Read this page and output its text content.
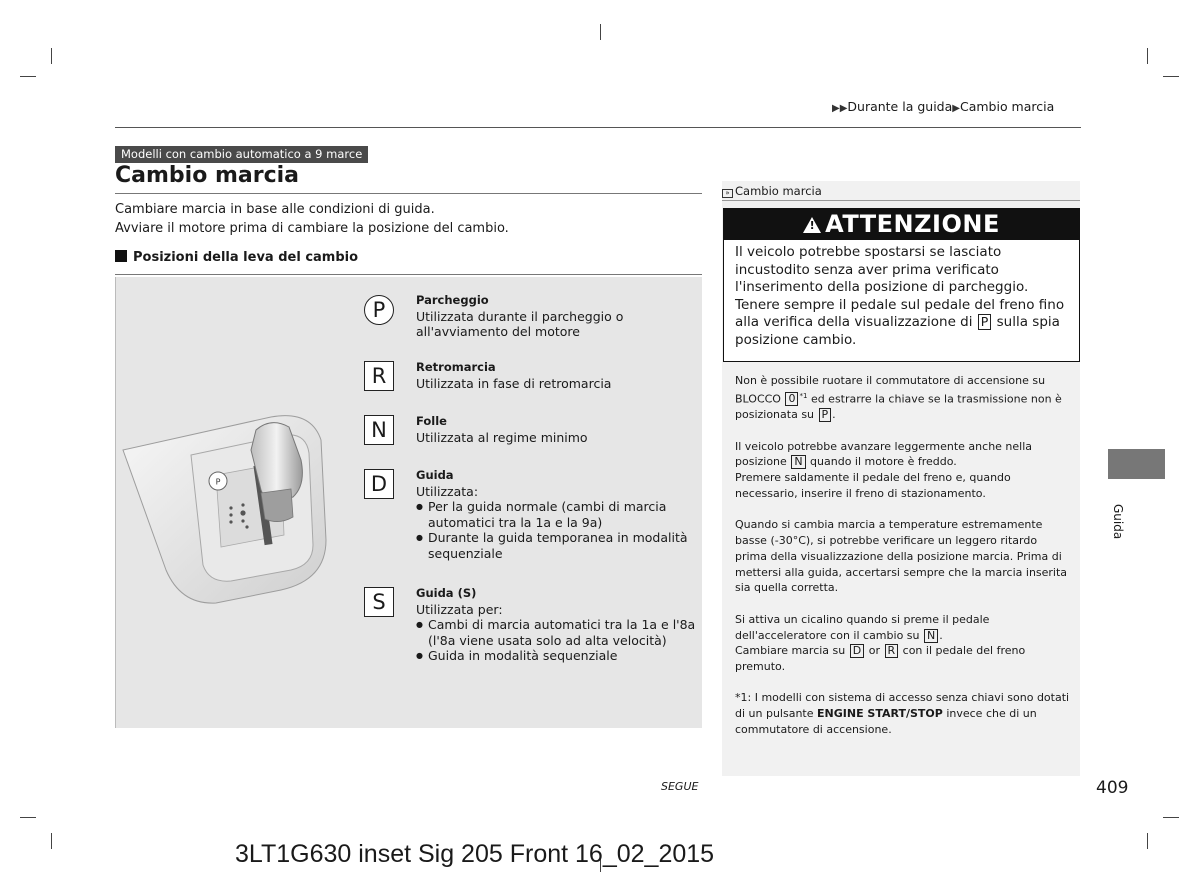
▶▶Durante la guida▶Cambio marcia
Modelli con cambio automatico a 9 marce
Cambio marcia
Cambiare marcia in base alle condizioni di guida.
Avviare il motore prima di cambiare la posizione del cambio.
Posizioni della leva del cambio
P
P	Parcheggio
Utilizzata durante il parcheggio o
all'avviamento del motore
R	Retromarcia
Utilizzata in fase di retromarcia
N	Folle
Utilizzata al regime minimo
D	Guida
Utilizzata:
● Per la guida normale (cambi di marcia
automatici tra la 1a e la 9a)
● Durante la guida temporanea in modalità
sequenziale
S	Guida (S)
Utilizzata per:
● Cambi di marcia automatici tra la 1a e l'8a
(l'8a viene usata solo ad alta velocità)
● Guida in modalità sequenziale
» Cambio marcia
!ATTENZIONE
Il veicolo potrebbe spostarsi se lasciato incustodito senza aver prima verificato l'inserimento della posizione di parcheggio. Tenere sempre il pedale sul pedale del freno fino alla verifica della visualizzazione di P sulla spia posizione cambio.

Non è possibile ruotare il commutatore di accensione su BLOCCO 0 $^{*1}$ ed estrarre la chiave se la trasmissione non è posizionata su P .

Il veicolo potrebbe avanzare leggermente anche nella posizione N quando il motore è freddo.
Premere saldamente il pedale del freno e, quando necessario, inserire il freno di stazionamento.

Quando si cambia marcia a temperature estremamente basse (-30°C), si potrebbe verificare un leggero ritardo prima della visualizzazione della posizione marcia. Prima di mettersi alla guida, accertarsi sempre che la marcia inserita sia quella corretta.

Si attiva un cicalino quando si preme il pedale dell'acceleratore con il cambio su N .
Cambiare marcia su D or R con il pedale del freno premuto.

*1: I modelli con sistema di accesso senza chiavi sono dotati di un pulsante ENGINE START/STOP invece che di un commutatore di accensione.

Guida
SEGUE	409
3LT1G630 inset Sig 205 Front 16_02_2015
